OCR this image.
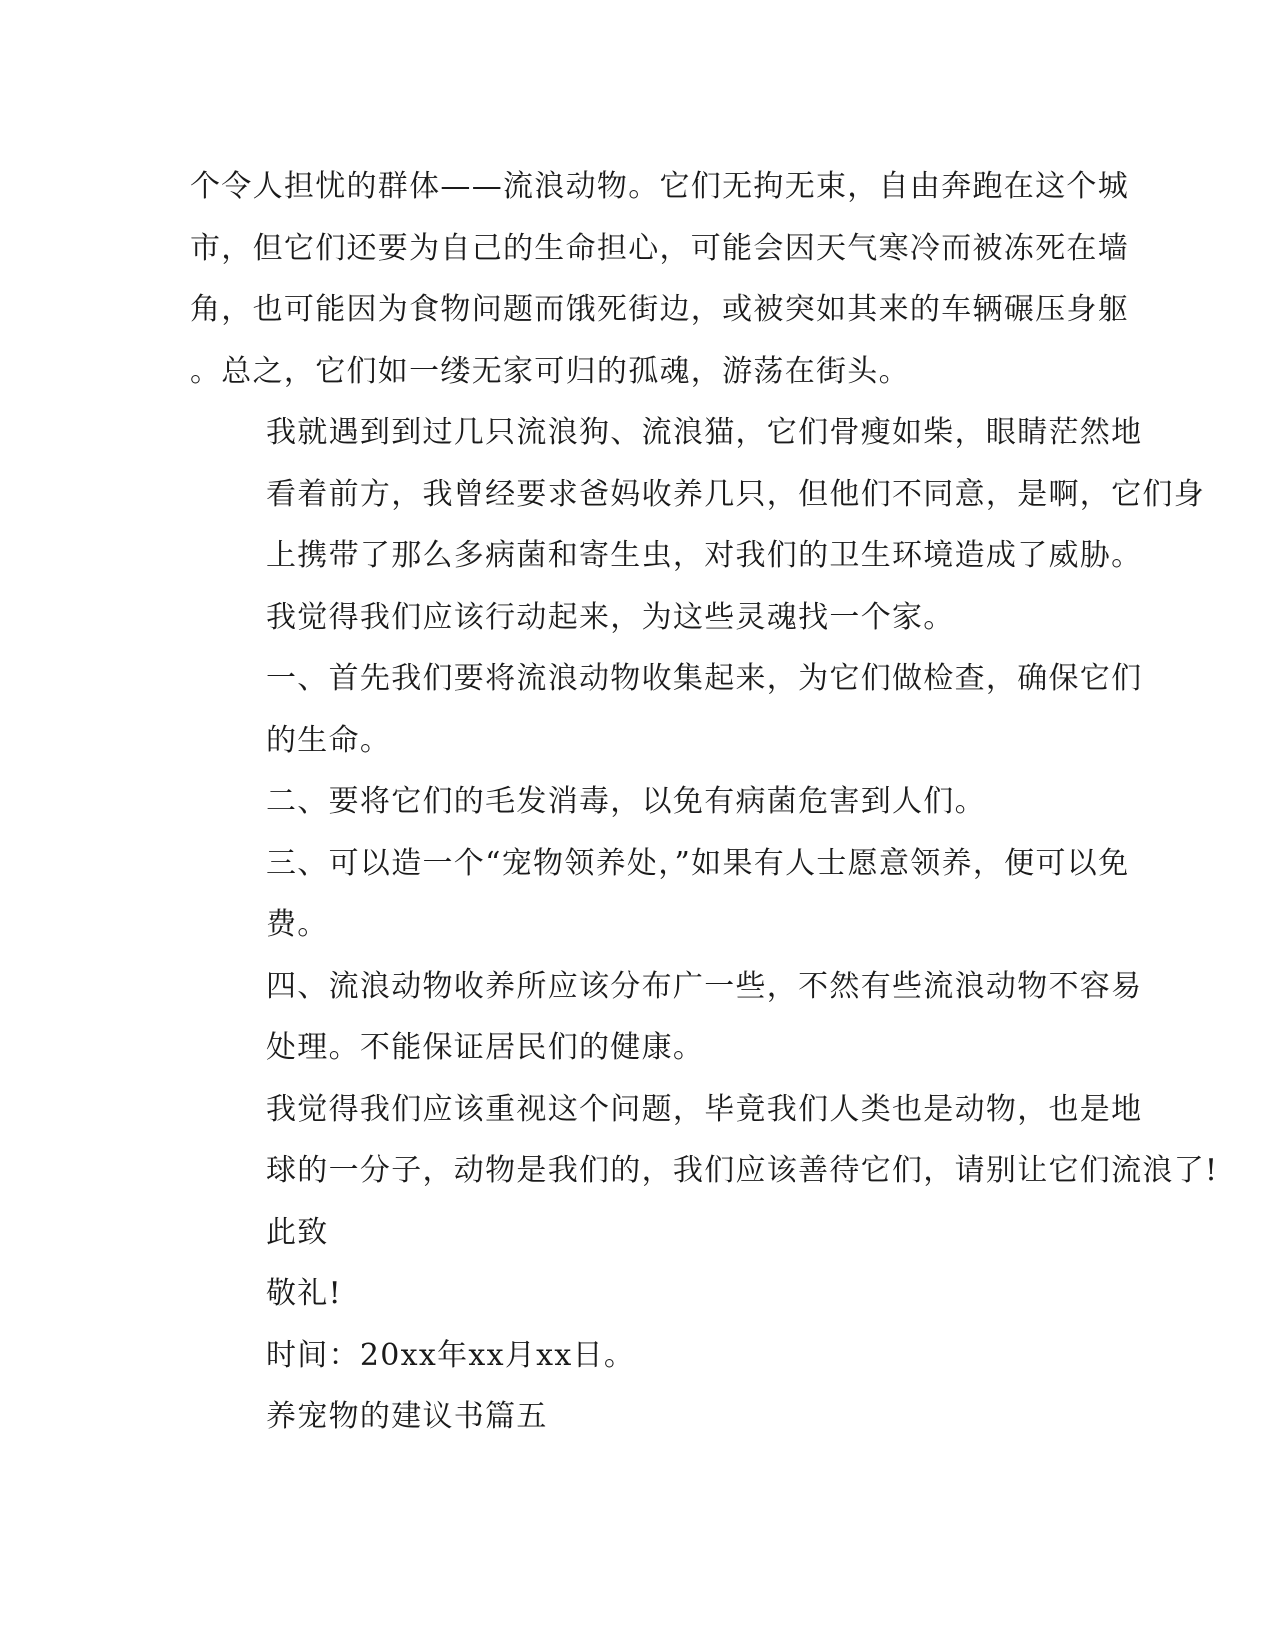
个令人担忧的群体——流浪动物。它们无拘无束，自由奔跑在这个城
市，但它们还要为自己的生命担心，可能会因天气寒冷而被冻死在墙
角，也可能因为食物问题而饿死街边，或被突如其来的车辆碾压身躯
。总之，它们如一缕无家可归的孤魂，游荡在街头。

我就遇到到过几只流浪狗、流浪猫，它们骨瘦如柴，眼睛茫然地
看着前方，我曾经要求爸妈收养几只，但他们不同意，是啊，它们身
上携带了那么多病菌和寄生虫，对我们的卫生环境造成了威胁。

我觉得我们应该行动起来，为这些灵魂找一个家。

一、首先我们要将流浪动物收集起来，为它们做检查，确保它们
的生命。

二、要将它们的毛发消毒，以免有病菌危害到人们。

三、可以造一个“宠物领养处，”如果有人士愿意领养，便可以免
费。

四、流浪动物收养所应该分布广一些，不然有些流浪动物不容易
处理。不能保证居民们的健康。

我觉得我们应该重视这个问题，毕竟我们人类也是动物，也是地
球的一分子，动物是我们的，我们应该善待它们，请别让它们流浪了!

此致

敬礼!

时间：20xx年xx月xx日。

养宠物的建议书篇五
